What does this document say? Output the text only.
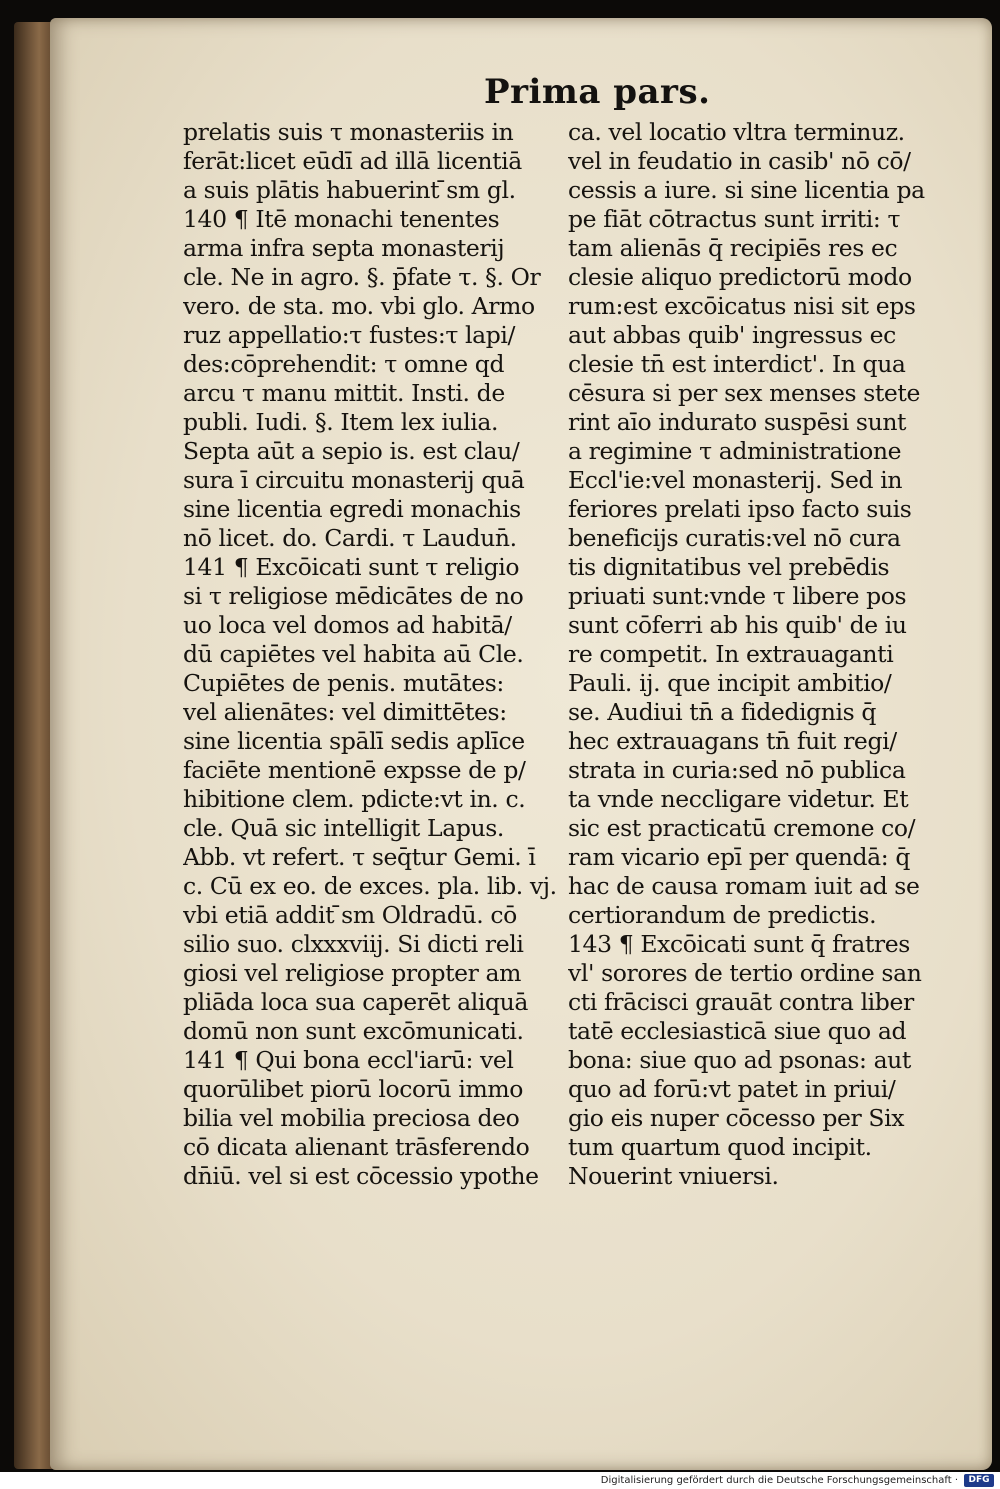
Prima pars.
prelatis suis τ monasteriis in
ferāt:licet eūdī ad illā licentiā
a suis plātis habuerint ̄sm gl.
140 ¶ Itē monachi tenentes
arma infra septa monasterij
cle. Ne in agro. §. p̄fate τ. §. Or
vero. de sta. mo. vbi glo. Armo
ruz appellatio:τ fustes:τ lapi/
des:cōprehendit: τ omne qd
arcu τ manu mittit. Insti. de
publi. Iudi. §. Item lex iulia.
Septa aūt a sepio is. est clau/
sura ī circuitu monasterij quā
sine licentia egredi monachis
nō licet. do. Cardi. τ Laudun̄.
141 ¶ Excōicati sunt τ religio
si τ religiose mēdicātes de no
uo loca vel domos ad habitā/
dū capiētes vel habita aū Cle.
Cupiētes de penis. mutātes:
vel alienātes: vel dimittētes:
sine licentia spālī sedis aplīce
faciēte mentionē expsse de p/
hibitione clem. pdicte:vt in. c.
cle. Quā sic intelligit Lapus.
Abb. vt refert. τ seq̄tur Gemi. ī
c. Cū ex eo. de exces. pla. lib. vj.
vbi etiā addit ̄sm Oldradū. cō
silio suo. clxxxviij. Si dicti reli
giosi vel religiose propter am
pliāda loca sua caperēt aliquā
domū non sunt excōmunicati.
141 ¶ Qui bona eccl'iarū: vel
quorūlibet piorū locorū immo
bilia vel mobilia preciosa deo
cō dicata alienant trāsferendo
dn̄iū. vel si est cōcessio ypothe
ca. vel locatio vltra terminuz.
vel in feudatio in casib' nō cō/
cessis a iure. si sine licentia pa
pe fiāt cōtractus sunt irriti: τ
tam alienās q̄ recipiēs res ec
clesie aliquo predictorū modo
rum:est excōicatus nisi sit eps
aut abbas quib' ingressus ec
clesie tn̄ est interdict'. In qua
cēsura si per sex menses stete
rint aīo indurato suspēsi sunt
a regimine τ administratione
Eccl'ie:vel monasterij. Sed in
feriores prelati ipso facto suis
beneficijs curatis:vel nō cura
tis dignitatibus vel prebēdis
priuati sunt:vnde τ libere pos
sunt cōferri ab his quib' de iu
re competit. In extrauaganti
Pauli. ij. que incipit ambitio/
se. Audiui tn̄ a fidedignis q̄
hec extrauagans tn̄ fuit regi/
strata in curia:sed nō publica
ta vnde neccligare videtur. Et
sic est practicatū cremone co/
ram vicario epī per quendā: q̄
hac de causa romam iuit ad se
certiorandum de predictis.
143 ¶ Excōicati sunt q̄ fratres
vl' sorores de tertio ordine san
cti frācisci grauāt contra liber
tatē ecclesiasticā siue quo ad
bona: siue quo ad psonas: aut
quo ad forū:vt patet in priui/
gio eis nuper cōcesso per Six
tum quartum quod incipit.
Nouerint vniuersi.
Digitalisierung gefördert durch die Deutsche Forschungsgemeinschaft ·	DFG
